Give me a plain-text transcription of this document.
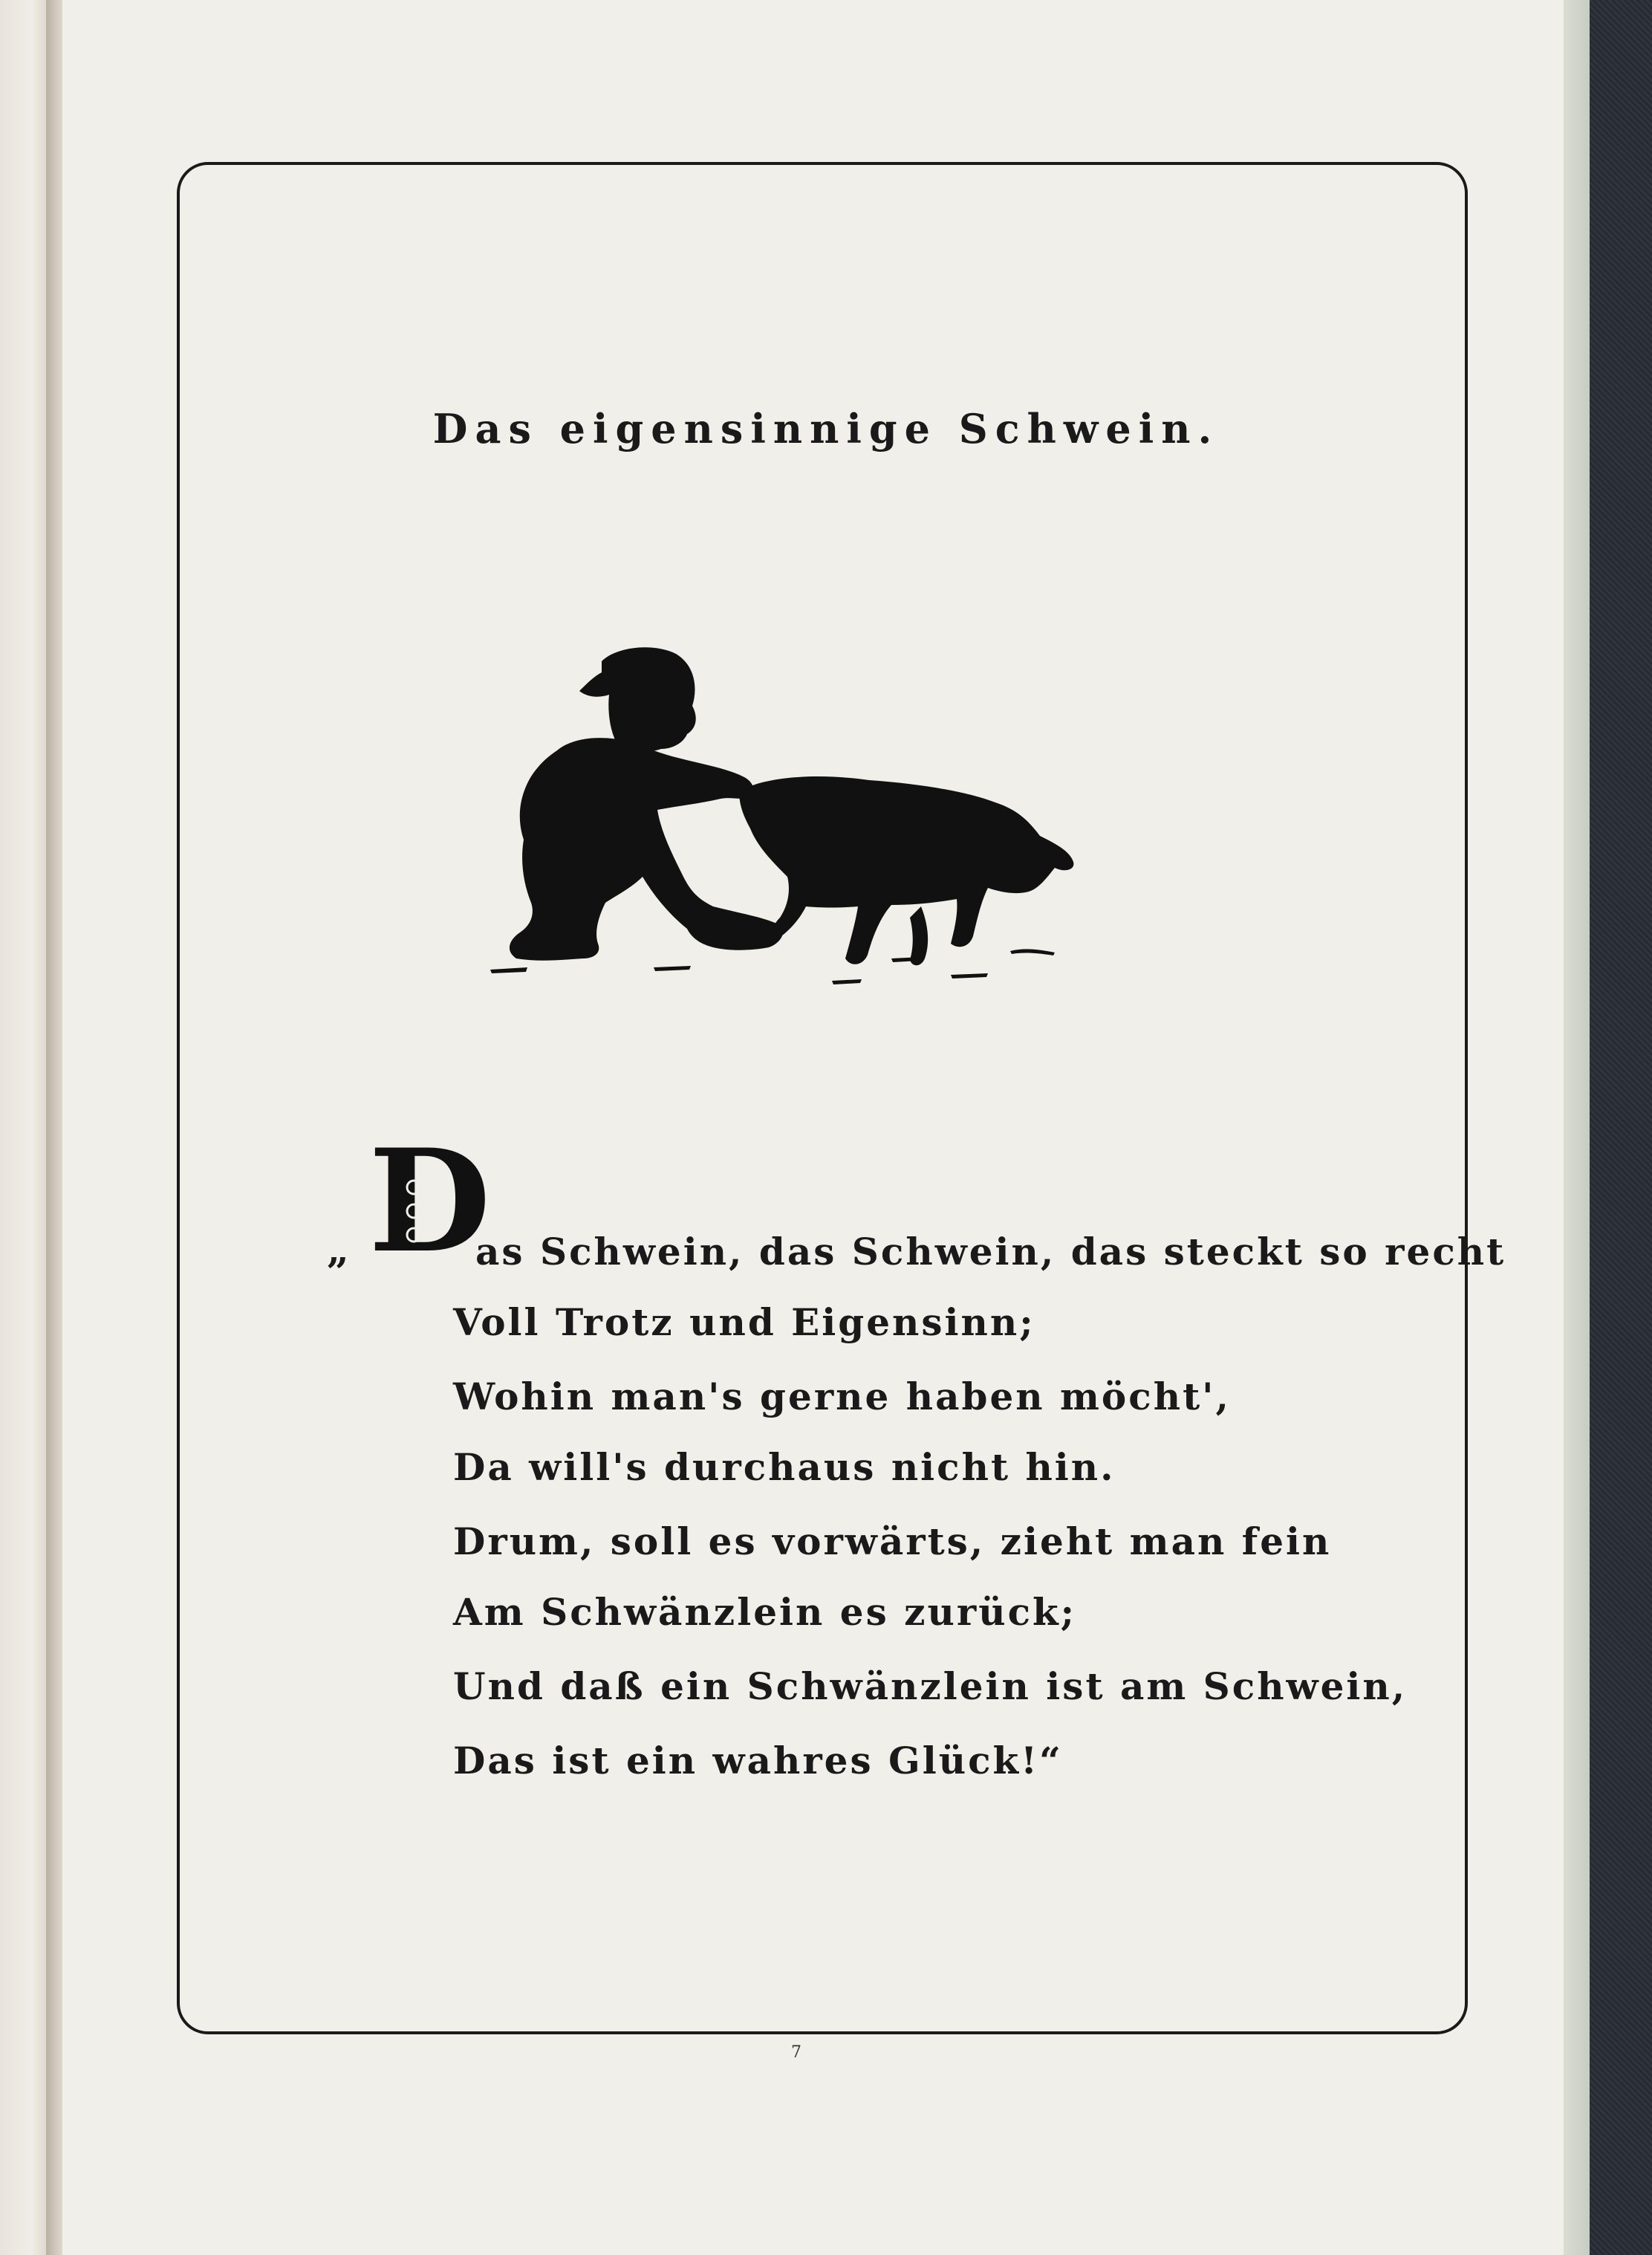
Das eigensinnige Schwein.
„ D
as Schwein, das Schwein, das steckt so recht
Voll Trotz und Eigensinn;
Wohin man's gerne haben möcht',
Da will's durchaus nicht hin.
Drum, soll es vorwärts, zieht man fein
Am Schwänzlein es zurück;
Und daß ein Schwänzlein ist am Schwein,
Das ist ein wahres Glück!“
7
